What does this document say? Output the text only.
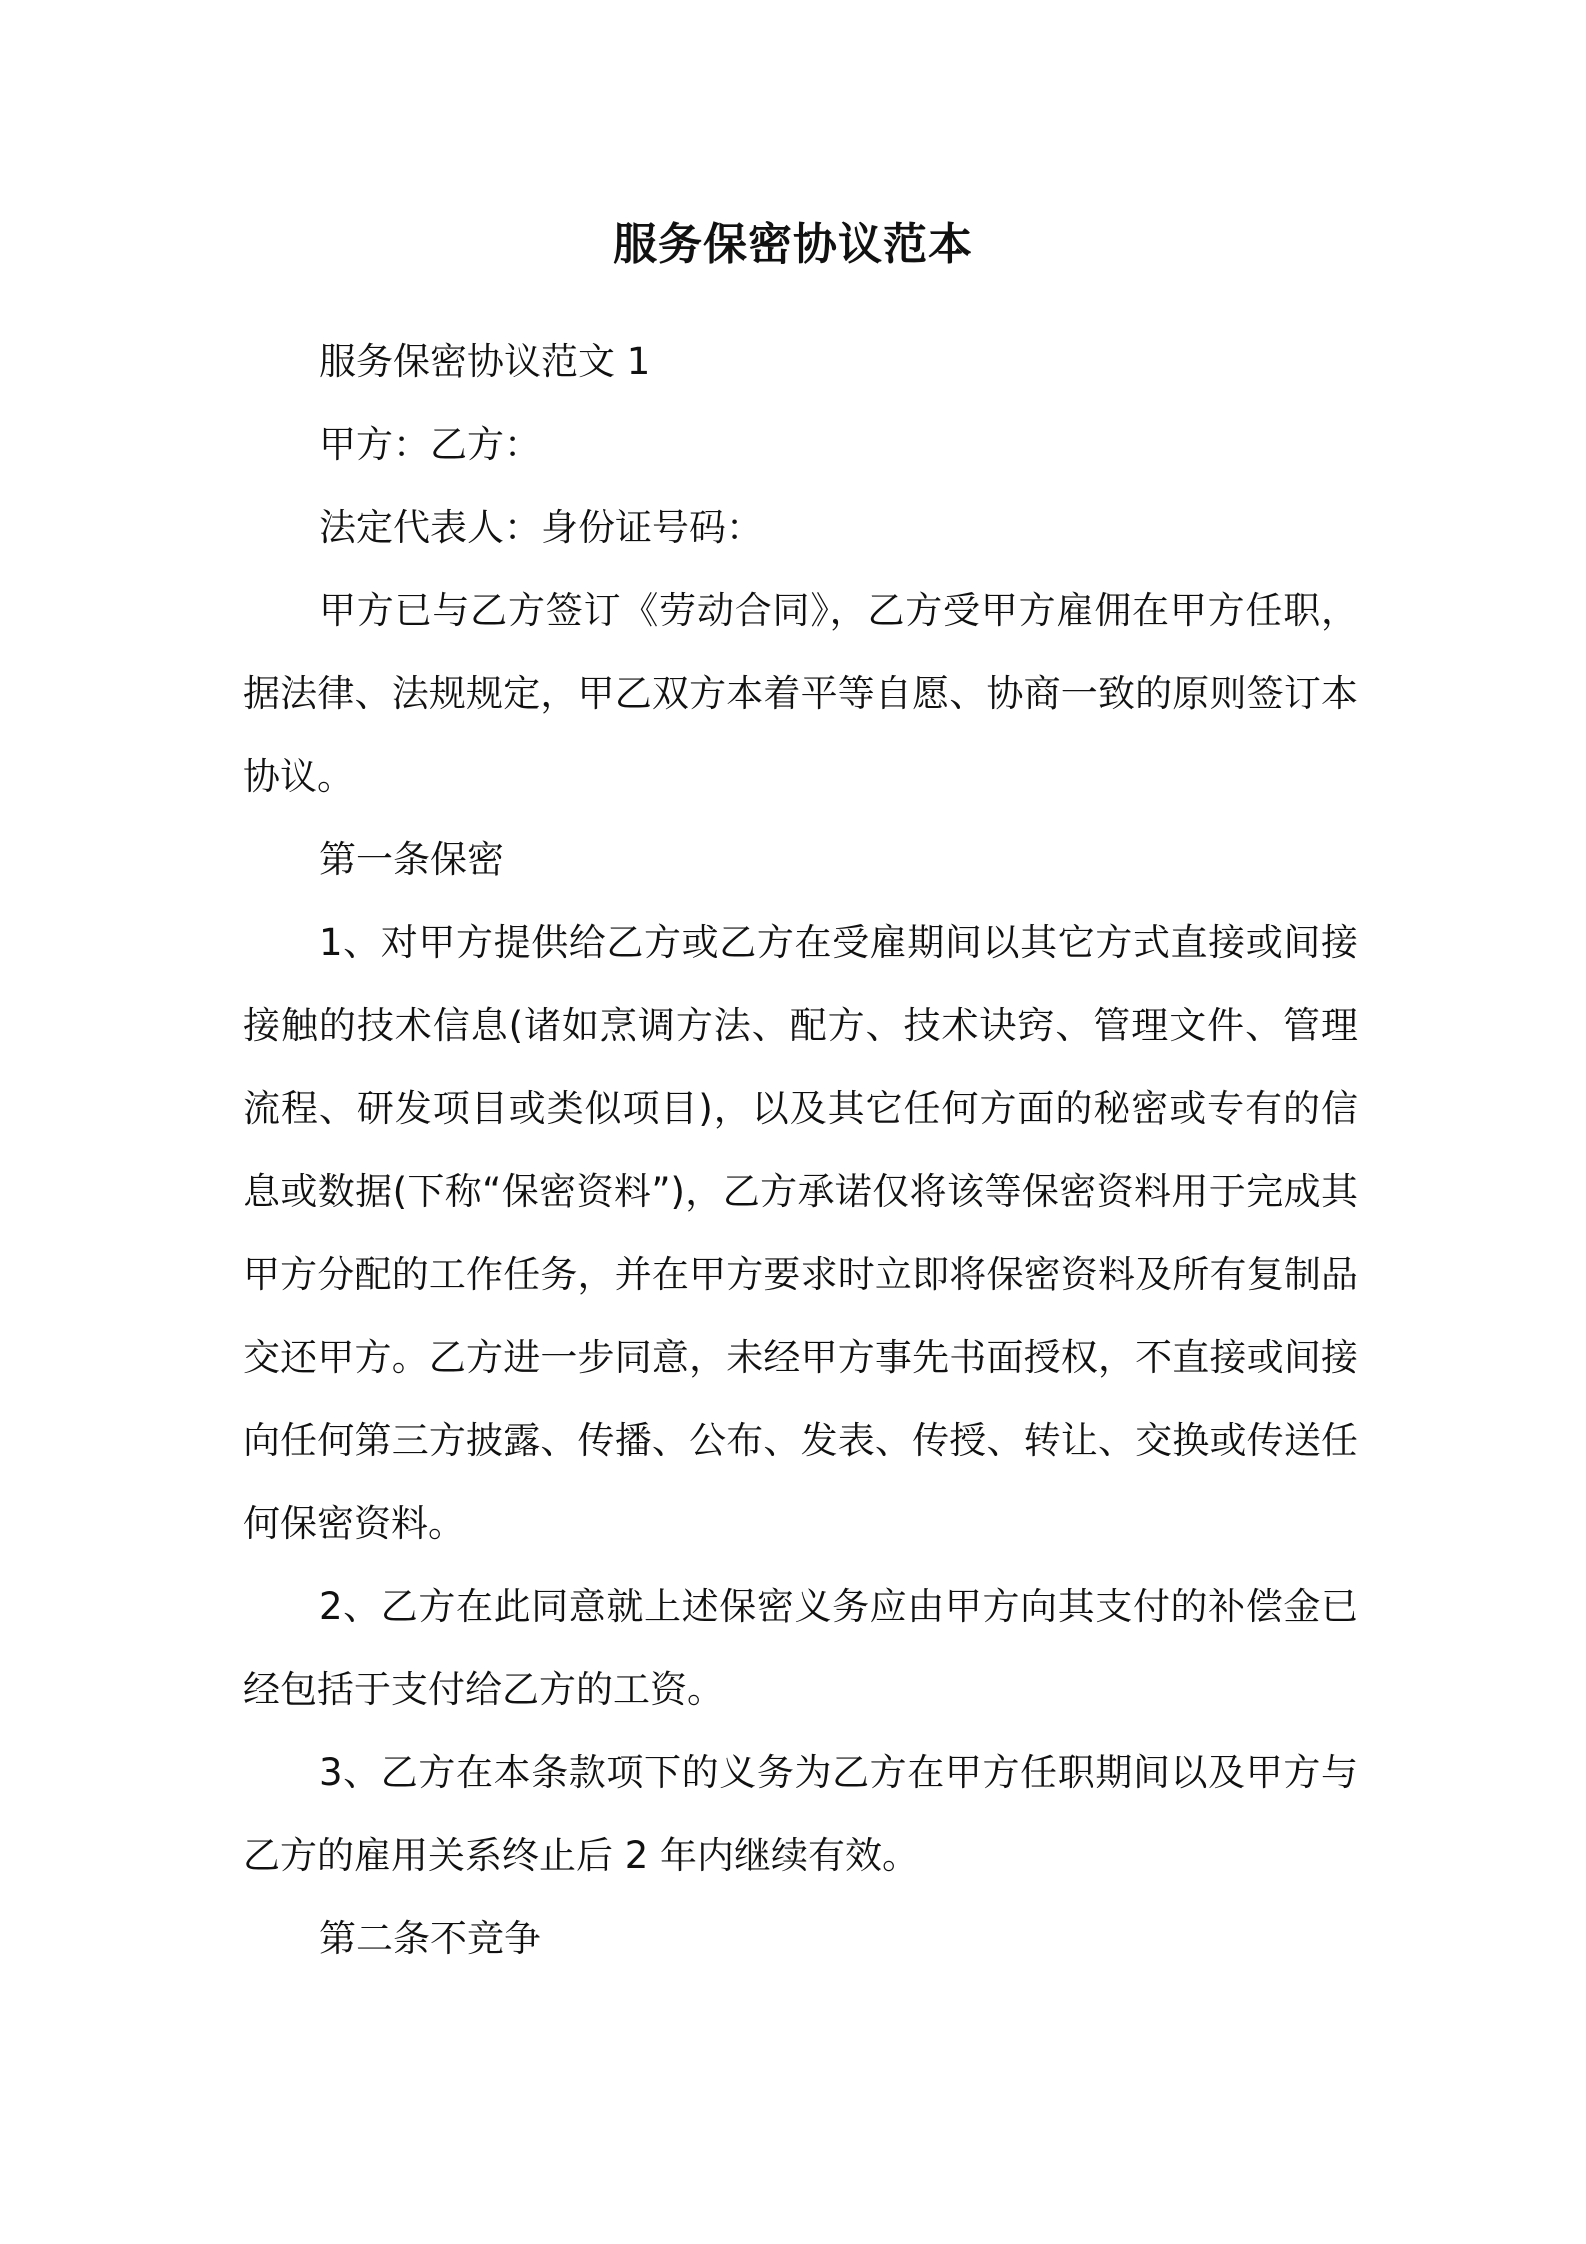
服务保密协议范本

服务保密协议范文 1

甲方：乙方：

法定代表人：身份证号码：

甲方已与乙方签订《劳动合同》，乙方受甲方雇佣在甲方任职，据法律、法规规定，甲乙双方本着平等自愿、协商一致的原则签订本协议。

第一条保密

1、对甲方提供给乙方或乙方在受雇期间以其它方式直接或间接接触的技术信息(诸如烹调方法、配方、技术诀窍、管理文件、管理流程、研发项目或类似项目)，以及其它任何方面的秘密或专有的信息或数据(下称“保密资料”)，乙方承诺仅将该等保密资料用于完成其甲方分配的工作任务，并在甲方要求时立即将保密资料及所有复制品交还甲方。乙方进一步同意，未经甲方事先书面授权，不直接或间接向任何第三方披露、传播、公布、发表、传授、转让、交换或传送任何保密资料。

2、乙方在此同意就上述保密义务应由甲方向其支付的补偿金已经包括于支付给乙方的工资。

3、乙方在本条款项下的义务为乙方在甲方任职期间以及甲方与乙方的雇用关系终止后 2 年内继续有效。

第二条不竞争
